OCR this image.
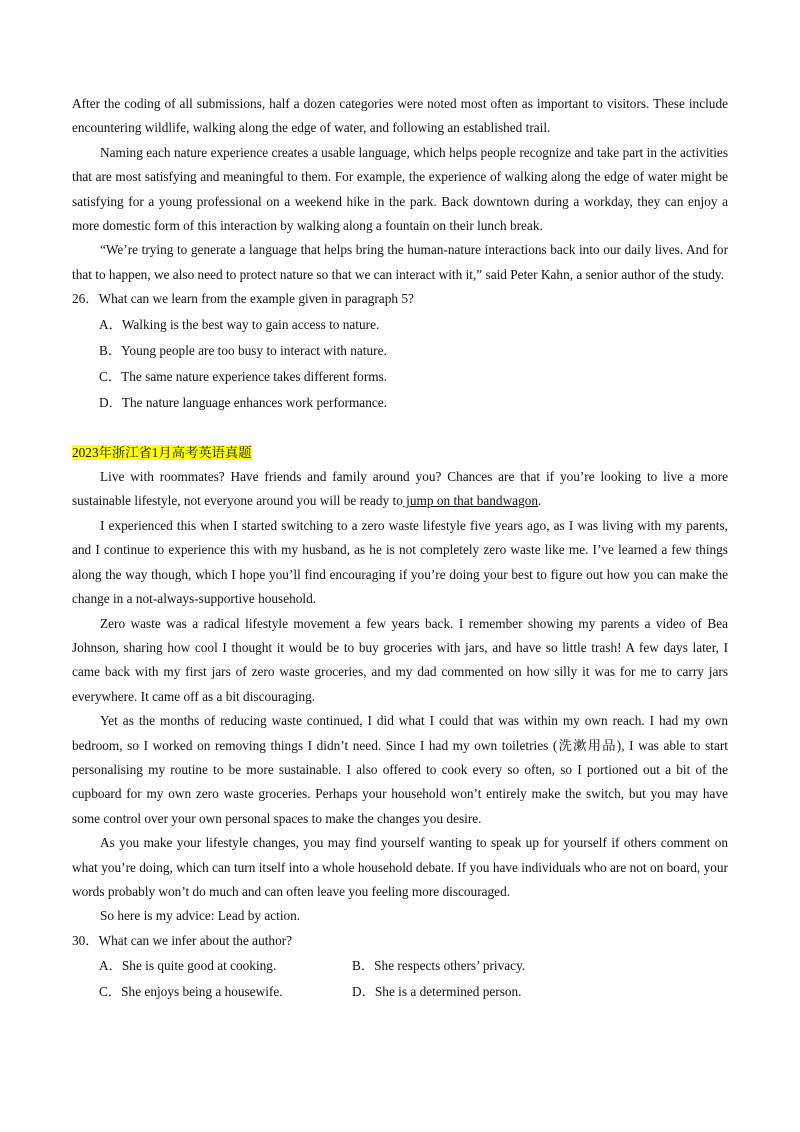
After the coding of all submissions, half a dozen categories were noted most often as important to visitors. These include encountering wildlife, walking along the edge of water, and following an established trail.

Naming each nature experience creates a usable language, which helps people recognize and take part in the activities that are most satisfying and meaningful to them. For example, the experience of walking along the edge of water might be satisfying for a young professional on a weekend hike in the park. Back downtown during a workday, they can enjoy a more domestic form of this interaction by walking along a fountain on their lunch break.

“We’re trying to generate a language that helps bring the human-nature interactions back into our daily lives. And for that to happen, we also need to protect nature so that we can interact with it,” said Peter Kahn, a senior author of the study.

26．What can we learn from the example given in paragraph 5?

A．Walking is the best way to gain access to nature.

B．Young people are too busy to interact with nature.

C．The same nature experience takes different forms.

D．The nature language enhances work performance.

2023年浙江省1月高考英语真题

Live with roommates? Have friends and family around you? Chances are that if you’re looking to live a more sustainable lifestyle, not everyone around you will be ready to jump on that bandwagon.

I experienced this when I started switching to a zero waste lifestyle five years ago, as I was living with my parents, and I continue to experience this with my husband, as he is not completely zero waste like me. I’ve learned a few things along the way though, which I hope you’ll find encouraging if you’re doing your best to figure out how you can make the change in a not-always-supportive household.

Zero waste was a radical lifestyle movement a few years back. I remember showing my parents a video of Bea Johnson, sharing how cool I thought it would be to buy groceries with jars, and have so little trash! A few days later, I came back with my first jars of zero waste groceries, and my dad commented on how silly it was for me to carry jars everywhere. It came off as a bit discouraging.

Yet as the months of reducing waste continued, I did what I could that was within my own reach. I had my own bedroom, so I worked on removing things I didn’t need. Since I had my own toiletries (洗漱用品), I was able to start personalising my routine to be more sustainable. I also offered to cook every so often, so I portioned out a bit of the cupboard for my own zero waste groceries. Perhaps your household won’t entirely make the switch, but you may have some control over your own personal spaces to make the changes you desire.

As you make your lifestyle changes, you may find yourself wanting to speak up for yourself if others comment on what you’re doing, which can turn itself into a whole household debate. If you have individuals who are not on board, your words probably won’t do much and can often leave you feeling more discouraged.

So here is my advice: Lead by action.

30．What can we infer about the author?

A．She is quite good at cooking.	B．She respects others’ privacy.
C．She enjoys being a housewife.	D．She is a determined person.
